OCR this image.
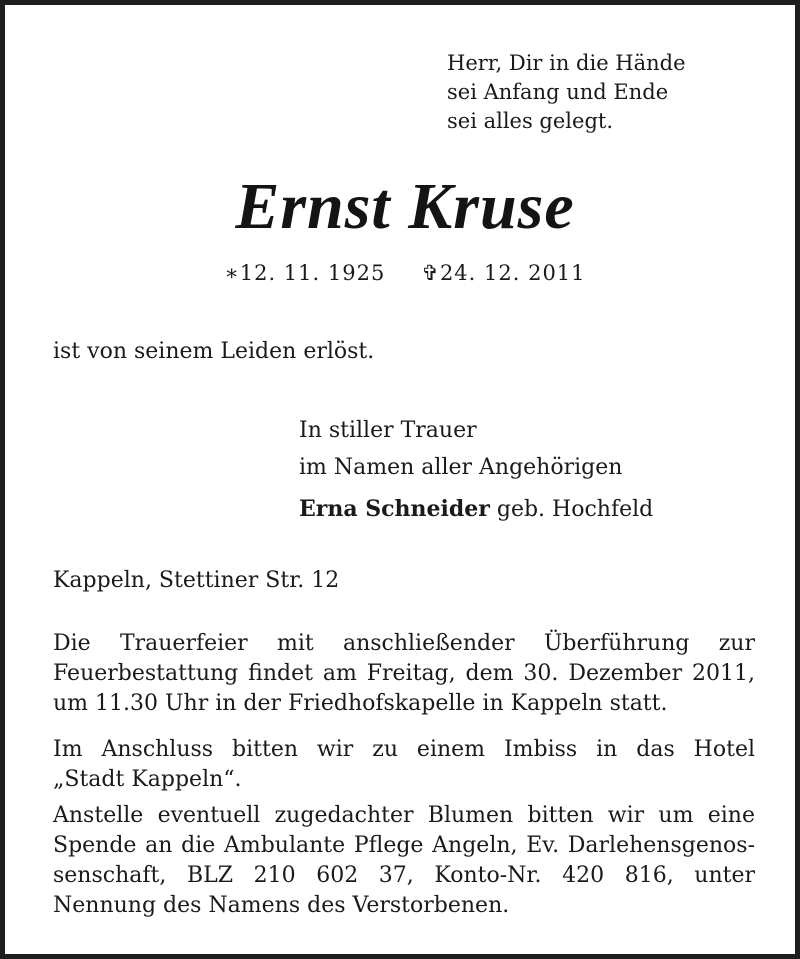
Herr, Dir in die Hände
sei Anfang und Ende
sei alles gelegt.
Ernst Kruse
∗12. 11. 1925 ✞24. 12. 2011
ist von seinem Leiden erlöst.
In stiller Trauer
im Namen aller Angehörigen
Erna Schneider geb. Hochfeld
Kappeln, Stettiner Str. 12
Die Trauerfeier mit anschließender Überführung zur
Feuerbestattung findet am Freitag, dem 30. Dezember 2011,
um 11.30 Uhr in der Friedhofskapelle in Kappeln statt.
Im Anschluss bitten wir zu einem Imbiss in das Hotel
„Stadt Kappeln“.
Anstelle eventuell zugedachter Blumen bitten wir um eine
Spende an die Ambulante Pflege Angeln, Ev. Darlehensgenos-
senschaft, BLZ 210 602 37, Konto-Nr. 420 816, unter
Nennung des Namens des Verstorbenen.
